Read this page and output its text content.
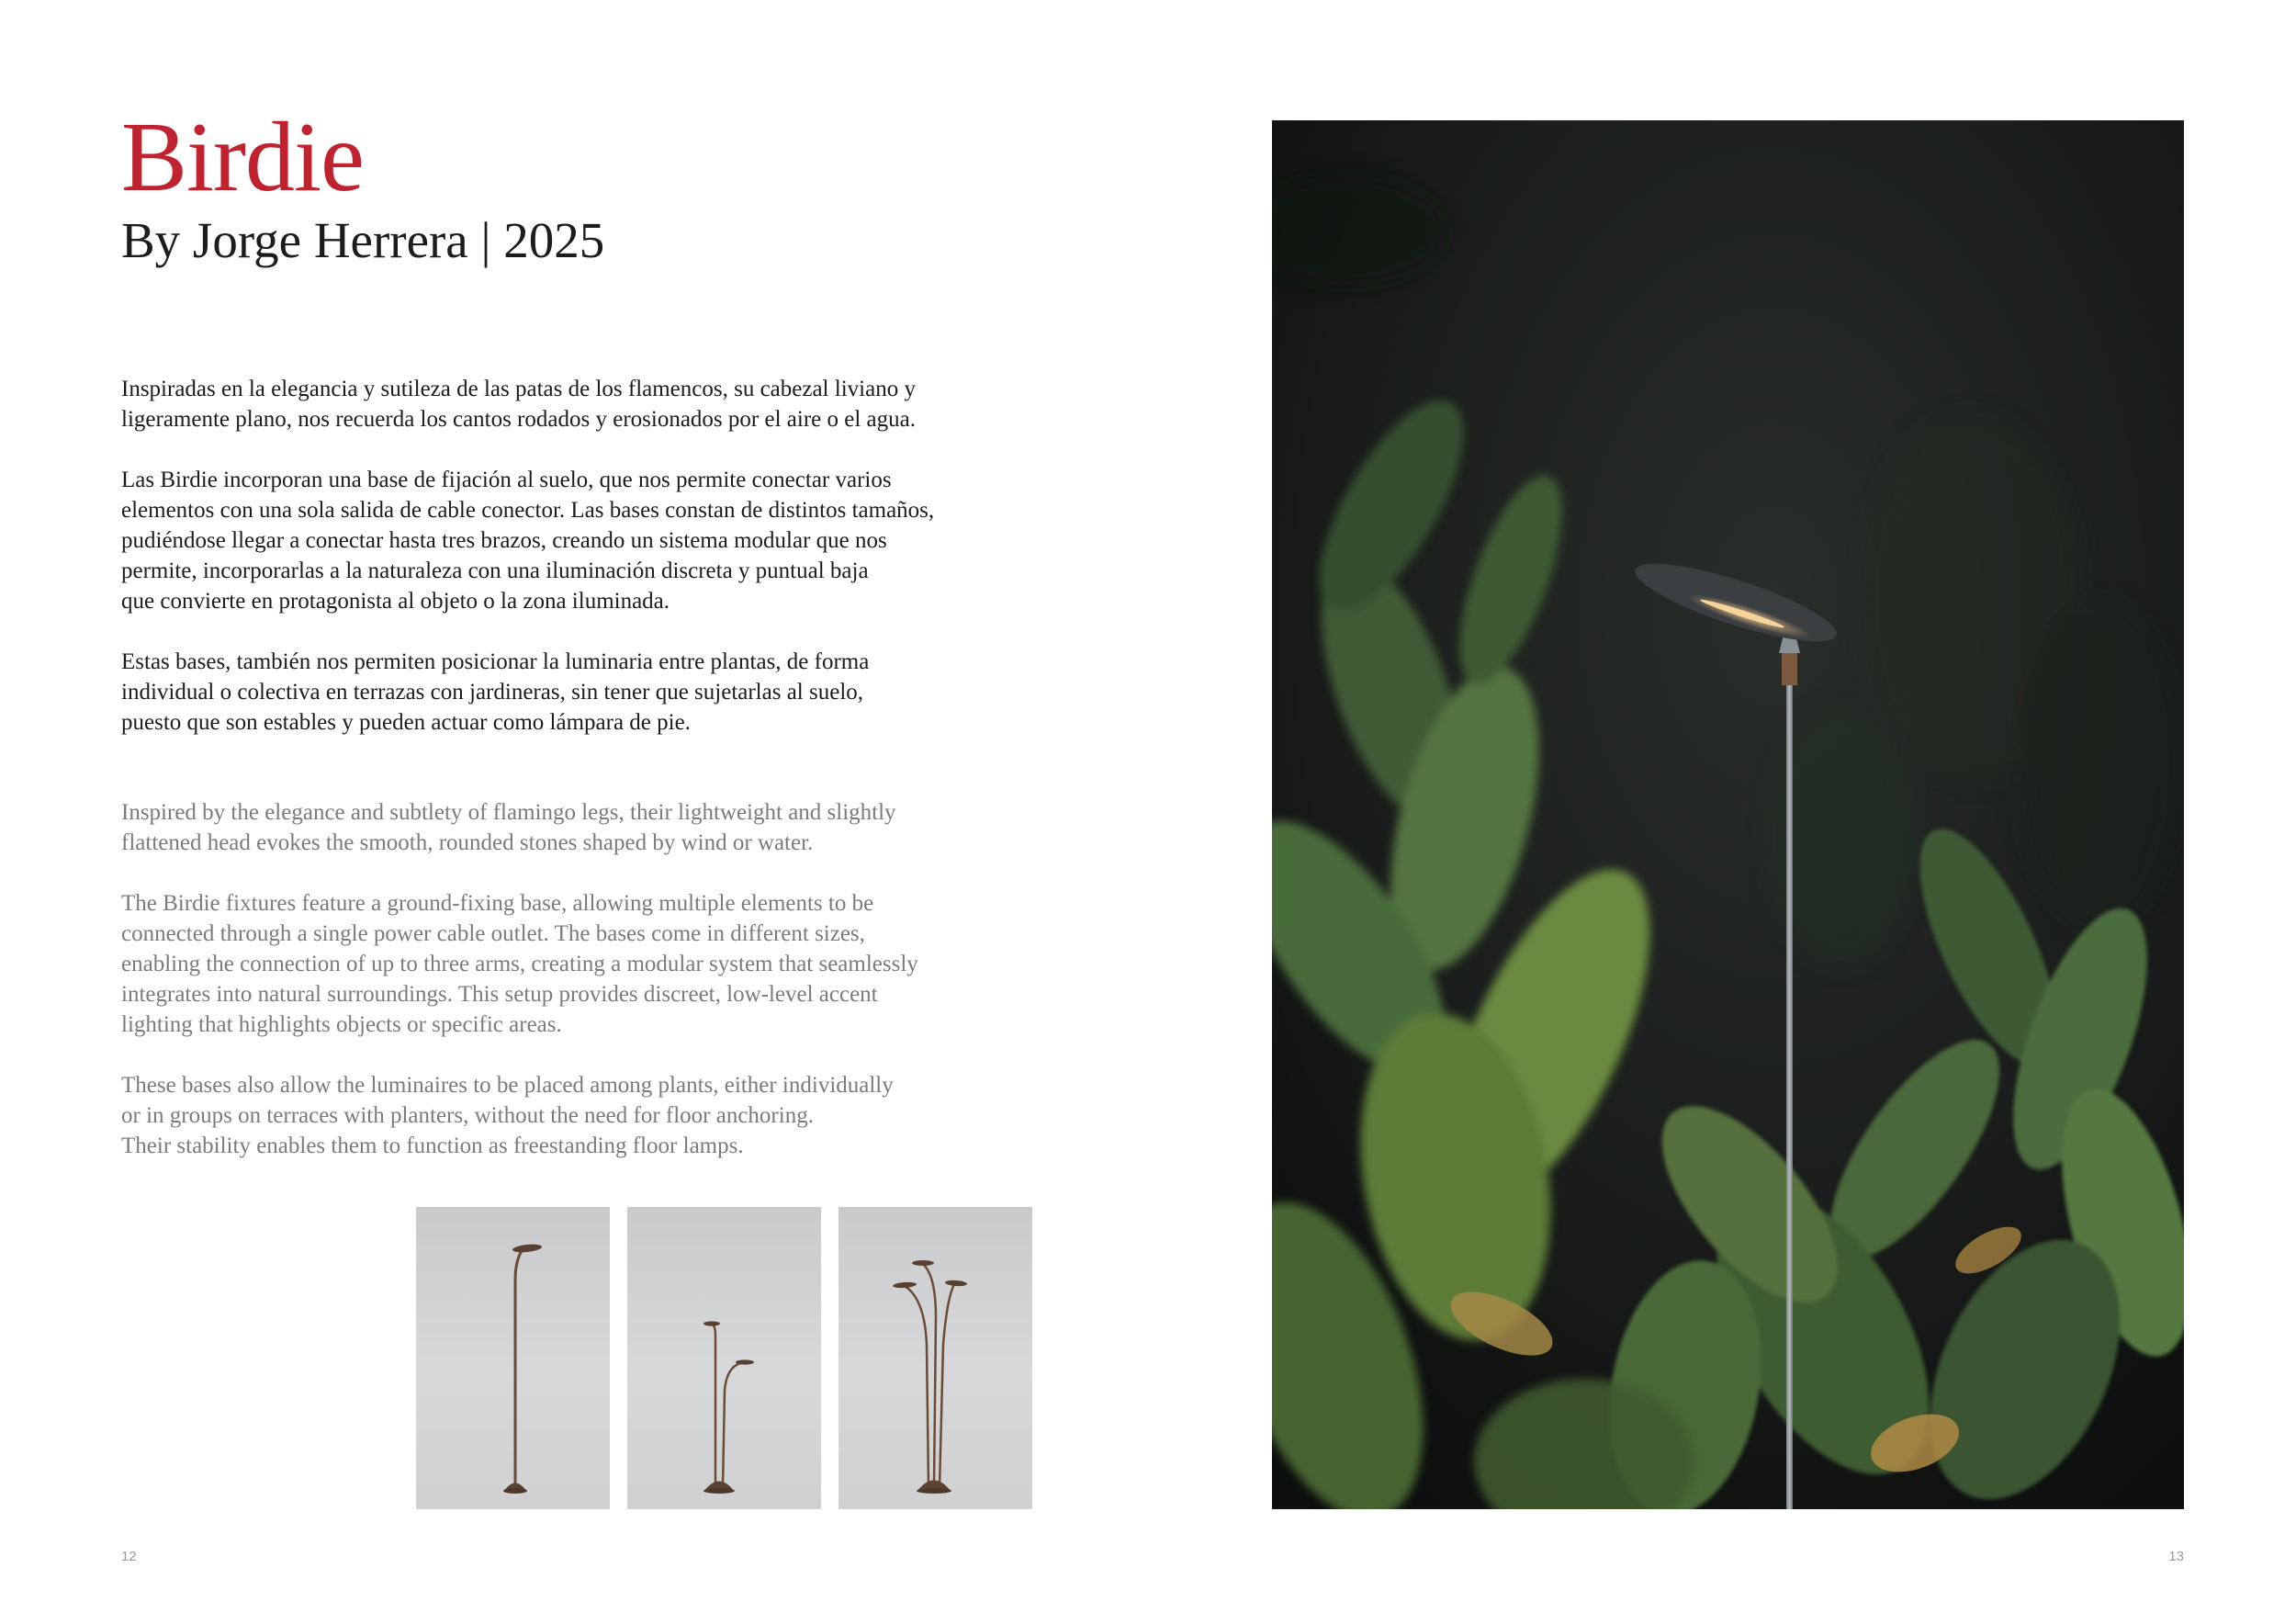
Birdie
By Jorge Herrera | 2025

Inspiradas en la elegancia y sutileza de las patas de los flamencos, su cabezal liviano y
ligeramente plano, nos recuerda los cantos rodados y erosionados por el aire o el agua.

Las Birdie incorporan una base de fijación al suelo, que nos permite conectar varios
elementos con una sola salida de cable conector. Las bases constan de distintos tamaños,
pudiéndose llegar a conectar hasta tres brazos, creando un sistema modular que nos
permite, incorporarlas a la naturaleza con una iluminación discreta y puntual baja
que convierte en protagonista al objeto o la zona iluminada.

Estas bases, también nos permiten posicionar la luminaria entre plantas, de forma
individual o colectiva en terrazas con jardineras, sin tener que sujetarlas al suelo,
puesto que son estables y pueden actuar como lámpara de pie.

Inspired by the elegance and subtlety of flamingo legs, their lightweight and slightly
flattened head evokes the smooth, rounded stones shaped by wind or water.

The Birdie fixtures feature a ground-fixing base, allowing multiple elements to be
connected through a single power cable outlet. The bases come in different sizes,
enabling the connection of up to three arms, creating a modular system that seamlessly
integrates into natural surroundings. This setup provides discreet, low-level accent
lighting that highlights objects or specific areas.

These bases also allow the luminaires to be placed among plants, either individually
or in groups on terraces with planters, without the need for floor anchoring.
Their stability enables them to function as freestanding floor lamps.

12	13
